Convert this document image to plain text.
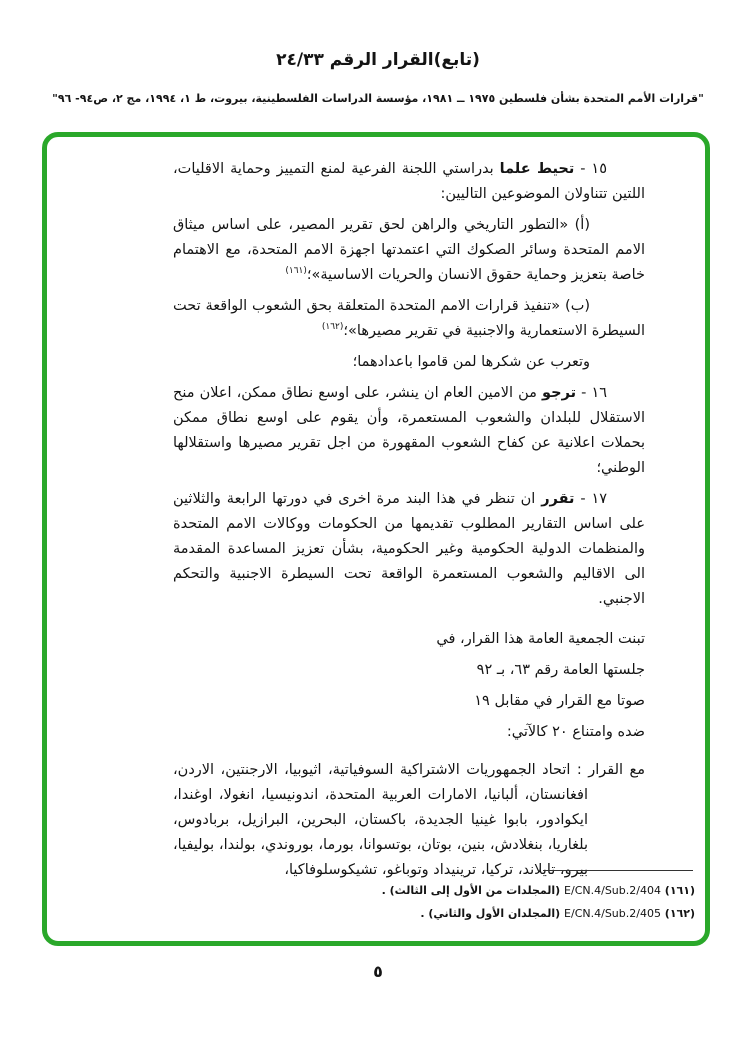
(تابع)القرار الرقم ٢٤/٣٣
"قرارات الأمم المتحدة بشأن فلسطين ١٩٧٥ ــ ١٩٨١، مؤسسة الدراسات الفلسطينية، بيروت، ط ١، ١٩٩٤، مج ٢، ص٩٤- ٩٦"

١٥ - تحيط علما بدراستي اللجنة الفرعية لمنع التمييز وحماية الاقليات، اللتين تتناولان الموضوعين التاليين:

(أ) «التطور التاريخي والراهن لحق تقرير المصير، على اساس ميثاق الامم المتحدة وسائر الصكوك التي اعتمدتها اجهزة الامم المتحدة، مع الاهتمام خاصة بتعزيز وحماية حقوق الانسان والحريات الاساسية»؛$^{(١٦١)}$

(ب) «تنفيذ قرارات الامم المتحدة المتعلقة بحق الشعوب الواقعة تحت السيطرة الاستعمارية والاجنبية في تقرير مصيرها»؛$^{(١٦٢)}$

وتعرب عن شكرها لمن قاموا باعدادهما؛

١٦ - ترجو من الامين العام ان ينشر، على اوسع نطاق ممكن، اعلان منح الاستقلال للبلدان والشعوب المستعمرة، وأن يقوم على اوسع نطاق ممكن بحملات اعلانية عن كفاح الشعوب المقهورة من اجل تقرير مصيرها واستقلالها الوطني؛

١٧ - تقرر ان تنظر في هذا البند مرة اخرى في دورتها الرابعة والثلاثين على اساس التقارير المطلوب تقديمها من الحكومات ووكالات الامم المتحدة والمنظمات الدولية الحكومية وغير الحكومية، بشأن تعزيز المساعدة المقدمة الى الاقاليم والشعوب المستعمرة الواقعة تحت السيطرة الاجنبية والتحكم الاجنبي.

تبنت الجمعية العامة هذا القرار، في
جلستها العامة رقم ٦٣، بـ ٩٢
صوتا مع القرار في مقابل ١٩
ضده وامتناع ٢٠ كالآتي:

مع القرار : اتحاد الجمهوريات الاشتراكية السوفياتية، اثيوبيا، الارجنتين، الاردن، افغانستان، ألبانيا، الامارات العربية المتحدة، اندونيسيا، انغولا، اوغندا، ايكوادور، بابوا غينيا الجديدة، باكستان، البحرين، البرازيل، بربادوس، بلغاريا، بنغلادش، بنين، بوتان، بوتسوانا، بورما، بوروندي، بولندا، بوليفيا، بيرو، تايلاند، تركيا، ترينيداد وتوباغو، تشيكوسلوفاكيا،

(١٦١) E/CN.4/Sub.2/404 (المجلدات من الأول إلى الثالث) .
(١٦٢) E/CN.4/Sub.2/405 (المجلدان الأول والثاني) .
٥
